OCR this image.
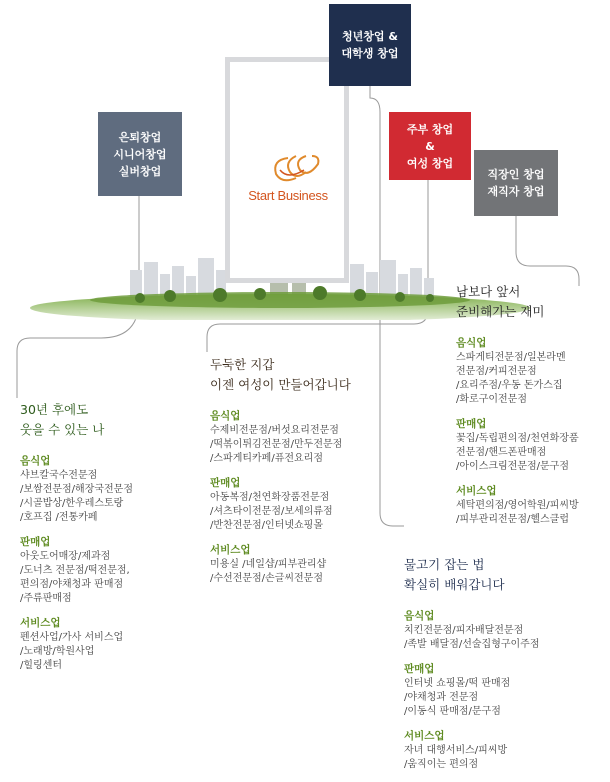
Start Business
은퇴창업
시니어창업
실버창업
청년창업 &
대학생 창업
주부 창업
&
여성 창업
직장인 창업
재직자 창업
30년 후에도
웃을 수 있는 나
음식업
샤브칼국수전문점
/보쌈전문점/해장국전문점
/시골밥상/한우레스토랑
/호프집 /전통카페
판매업
아웃도어매장/제과점
/도너츠 전문점/떡전문점,
편의점/야채청과 판매점
/주류판매점
서비스업
펜션사업/가사 서비스업
/노래방/학원사업
/힐링센터
두둑한 지갑
이젠 여성이 만들어갑니다
음식업
수제비전문점/버섯요리전문점
/떡볶이튀김전문점/만두전문점
/스파게티카페/퓨전요리점
판매업
아동복점/천연화장품전문점
/셔츠타이전문점/보세의류점
/반찬전문점/인터넷쇼핑몰
서비스업
미용실 /네일샵/피부관리샵
/수선전문점/손글씨전문점
남보다 앞서
준비해가는 재미
음식업
스파게티전문점/일본라멘
전문점/커피전문점
/요리주점/우동 돈가스집
/화로구이전문점
판매업
꽃집/독립편의점/천연화장품
전문점/핸드폰판매점
/아이스크림전문점/문구점
서비스업
세탁편의점/영어학원/피씨방
/피부관리전문점/헬스클럽
물고기 잡는 법
확실히 배워갑니다
음식업
치킨전문점/피자배달전문점
/족발 배달점/선술집형구이주점
판매업
인터넷 쇼핑몰/떡 판매점
/야채청과 전문점
/이동식 판매점/문구점
서비스업
자녀 대행서비스/피씨방
/움직이는 편의점
